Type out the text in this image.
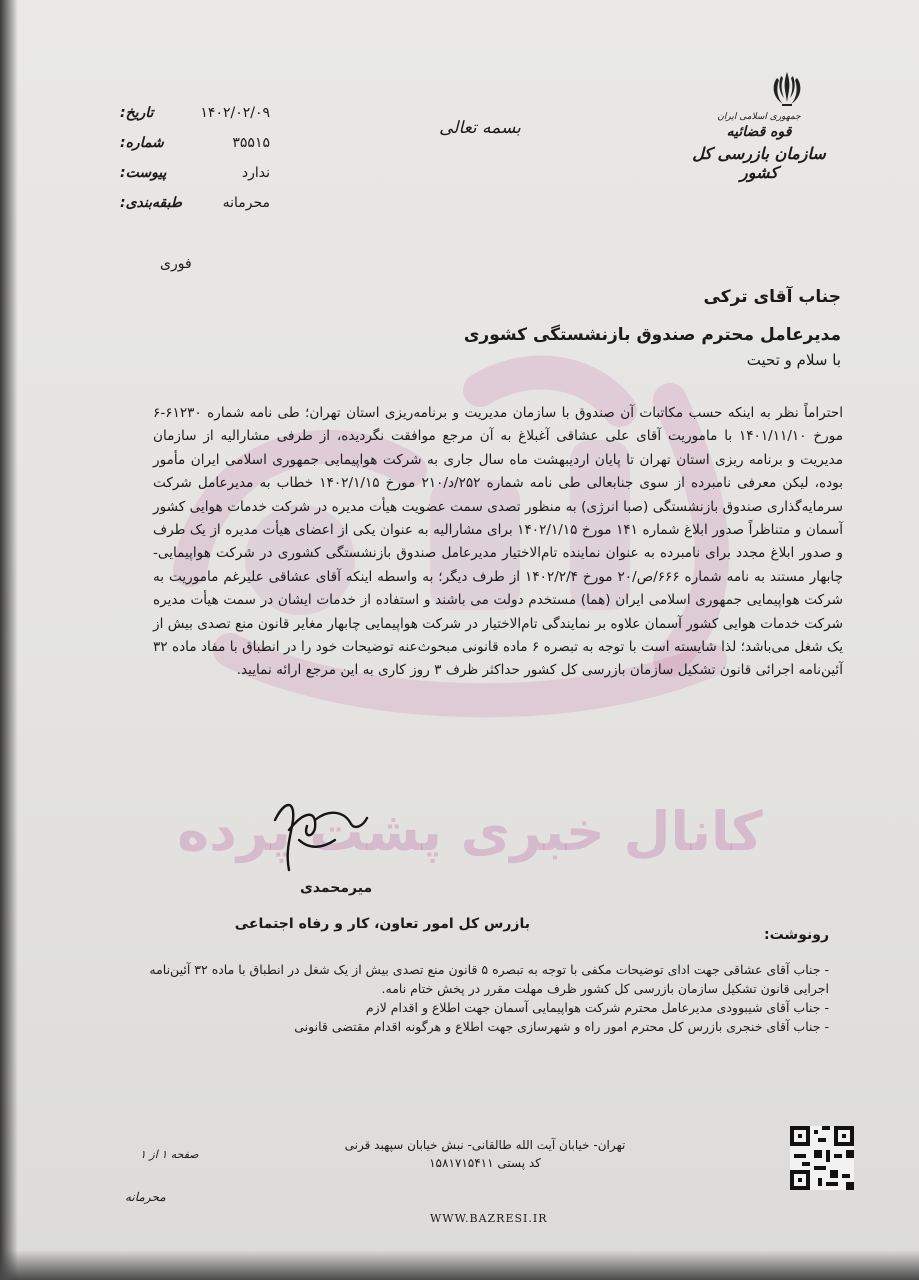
جمهوری اسلامی ایران

قوه قضائیه

سازمان بازرسی کل کشور

بسمه تعالی
تاریخ:	۱۴۰۲/۰۲/۰۹
شماره:	۳۵۵۱۵
پیوست:	ندارد
طبقه‌بندی:	محرمانه
فوری

جناب آقای ترکی

مدیرعامل محترم صندوق بازنشستگی کشوری

با سلام و تحیت

احتراماً نظر به اینکه حسب مکاتبات آن صندوق با سازمان مدیریت و برنامه‌ریزی استان تهران؛ طی نامه شماره ۶۱۲۳۰-۶ مورخ ۱۴۰۱/۱۱/۱۰ با ماموریت آقای علی عشاقی آغبلاغ به آن مرجع موافقت نگردیده، از طرفی مشارالیه از سازمان مدیریت و برنامه ریزی استان تهران تا پایان اردیبهشت ماه سال جاری به شرکت هواپیمایی جمهوری اسلامی ایران مأمور بوده، لیکن معرفی نامبرده از سوی جنابعالی طی نامه شماره ۲۵۲/د/۲۱۰ مورخ ۱۴۰۲/۱/۱۵ خطاب به مدیرعامل شرکت سرمایه‌گذاری صندوق بازنشستگی (صبا انرژی) به منظور تصدی سمت عضویت هیأت مدیره در شرکت خدمات هوایی کشور آسمان و متناظراً صدور ابلاغ شماره ۱۴۱ مورخ ۱۴۰۲/۱/۱۵ برای مشارالیه به عنوان یکی از اعضای هیأت مدیره از یک طرف و صدور ابلاغ مجدد برای نامبرده به عنوان نماینده تام‌الاختیار مدیرعامل صندوق بازنشستگی کشوری در شرکت هواپیمایی- چابهار مستند به نامه شماره ۶۶۶/ص/۲۰ مورخ ۱۴۰۲/۲/۴ از طرف دیگر؛ به واسطه اینکه آقای عشاقی علیرغم ماموریت به شرکت هواپیمایی جمهوری اسلامی ایران (هما) مستخدم دولت می باشند و استفاده از خدمات ایشان در سمت هیأت مدیره شرکت خدمات هوایی کشور آسمان علاوه بر نمایندگی تام‌الاختیار در شرکت هواپیمایی چابهار مغایر قانون منع تصدی بیش از یک شغل می‌باشد؛ لذا شایسته است با توجه به تبصره ۶ ماده قانونی مبحوث‌عنه توضیحات خود را در انطباق با مفاد ماده ۳۲ آئین‌نامه اجرائی قانون تشکیل سازمان بازرسی کل کشور حداکثر ظرف ۳ روز کاری به این مرجع ارائه نمایید.

کانال خبری پشت پرده
میرمحمدی
بازرس کل امور تعاون، کار و رفاه اجتماعی
رونوشت:
- جناب آقای عشاقی جهت ادای توضیحات مکفی با توجه به تبصره ۵ قانون منع تصدی بیش از یک شغل در انطباق با ماده ۳۲ آئین‌نامه اجرایی قانون تشکیل سازمان بازرسی کل کشور ظرف مهلت مقرر در پخش ختام نامه.
- جناب آقای شیبوودی مدیرعامل محترم شرکت هواپیمایی آسمان جهت اطلاع و اقدام لازم
- جناب آقای خنجری بازرس کل محترم امور راه و شهرسازی جهت اطلاع و هرگونه اقدام مقتضی قانونی
تهران- خیابان آیت الله طالقانی- نبش خیابان سپهبد قرنی
کد پستی ۱۵۸۱۷۱۵۴۱۱
صفحه ۱ از ۱
محرمانه
WWW.BAZRESI.IR
